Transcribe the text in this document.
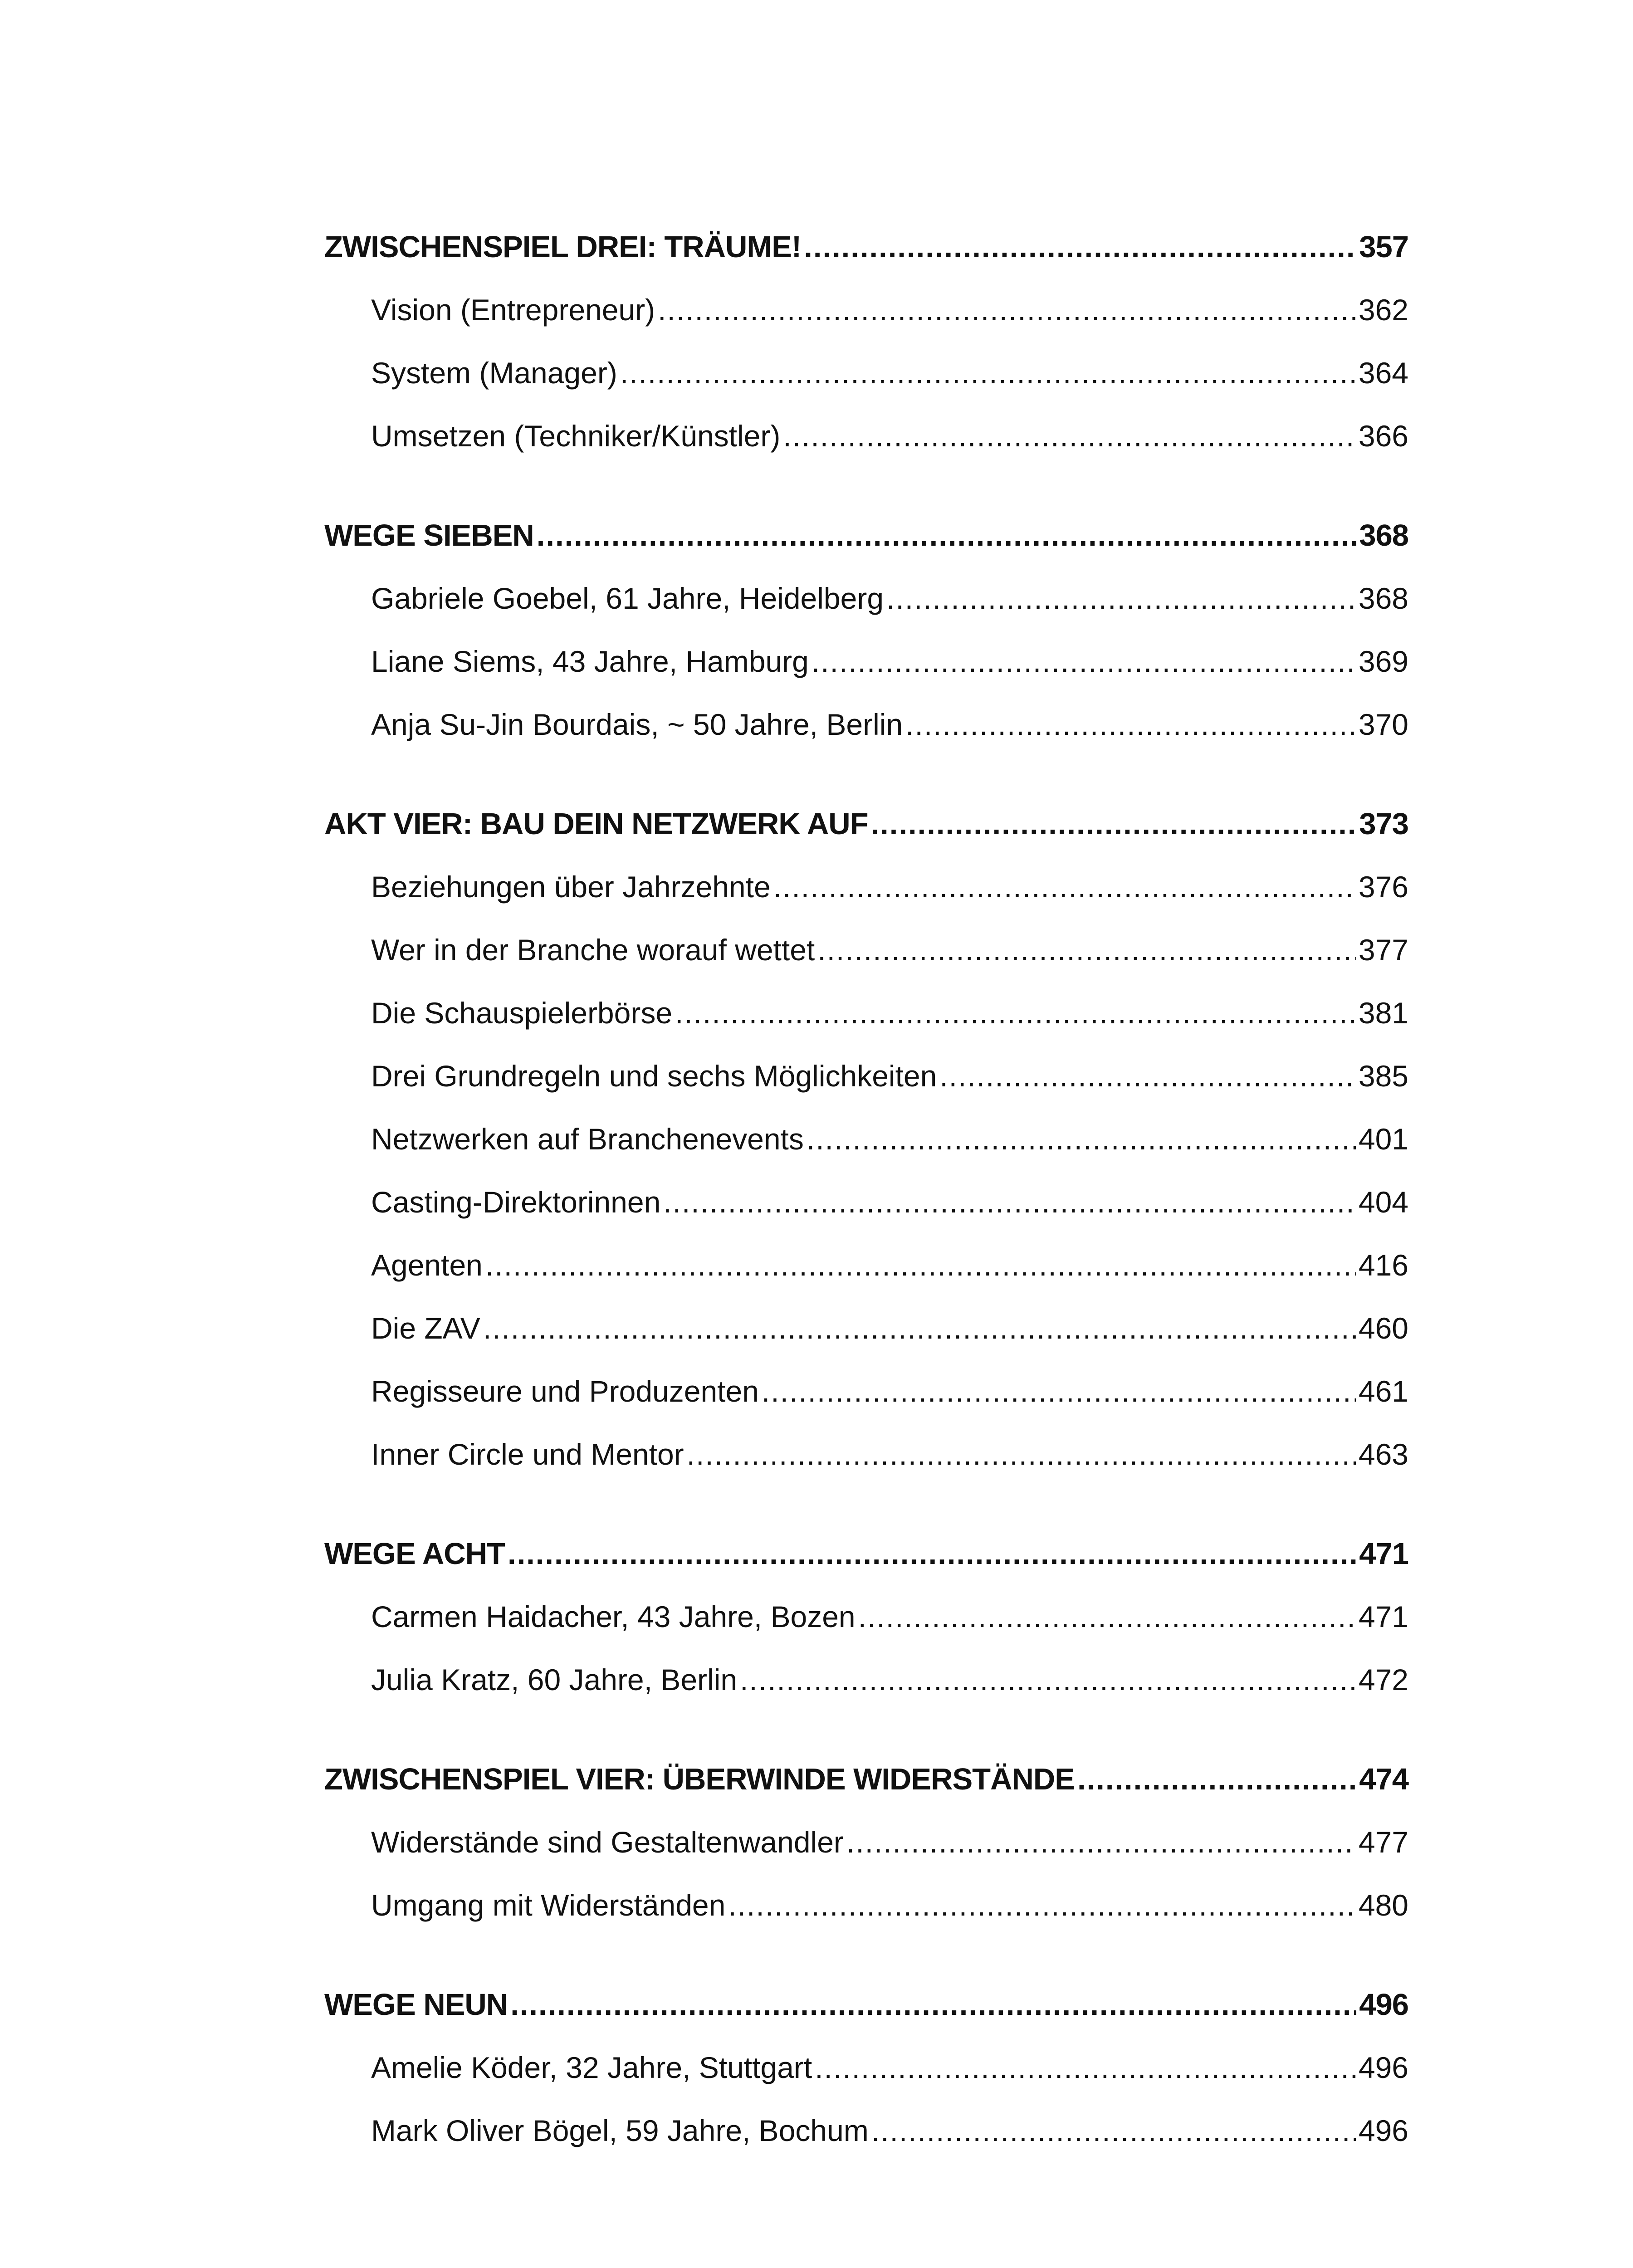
ZWISCHENSPIEL DREI: TRÄUME! .....	357
Vision (Entrepreneur) .....	362
System (Manager) .....	364
Umsetzen (Techniker/Künstler) .....	366
WEGE SIEBEN .....	368
Gabriele Goebel, 61 Jahre, Heidelberg .....	368
Liane Siems, 43 Jahre, Hamburg .....	369
Anja Su-Jin Bourdais, ~ 50 Jahre, Berlin .....	370
AKT VIER: BAU DEIN NETZWERK AUF .....	373
Beziehungen über Jahrzehnte .....	376
Wer in der Branche worauf wettet .....	377
Die Schauspielerbörse .....	381
Drei Grundregeln und sechs Möglichkeiten .....	385
Netzwerken auf Branchenevents .....	401
Casting-Direktorinnen .....	404
Agenten .....	416
Die ZAV .....	460
Regisseure und Produzenten .....	461
Inner Circle und Mentor .....	463
WEGE ACHT .....	471
Carmen Haidacher, 43 Jahre, Bozen .....	471
Julia Kratz, 60 Jahre, Berlin .....	472
ZWISCHENSPIEL VIER: ÜBERWINDE WIDERSTÄNDE .....	474
Widerstände sind Gestaltenwandler .....	477
Umgang mit Widerständen .....	480
WEGE NEUN .....	496
Amelie Köder, 32 Jahre, Stuttgart .....	496
Mark Oliver Bögel, 59 Jahre, Bochum .....	496
